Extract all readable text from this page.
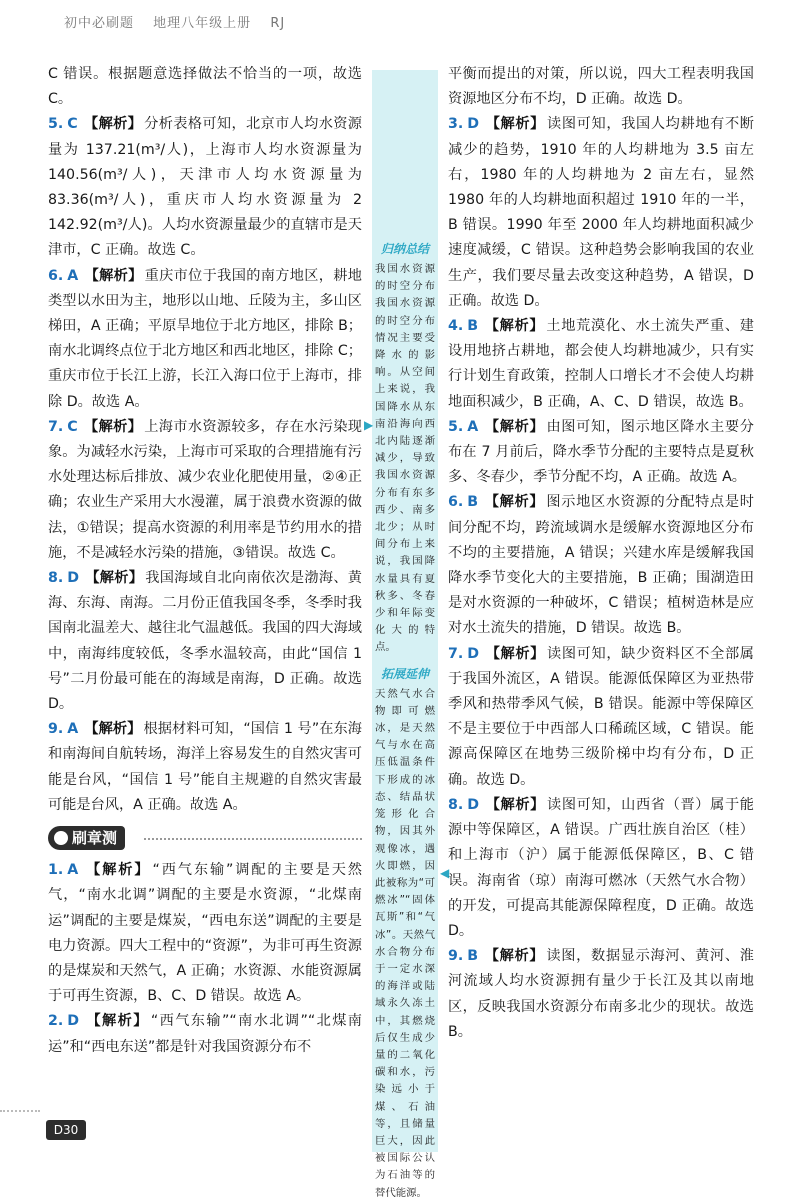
初中必刷题 地理八年级上册 RJ

C 错误。根据题意选择做法不恰当的一项，故选 C。

5. C 【解析】 分析表格可知，北京市人均水资源量为 137.21(m³/人)，上海市人均水资源量为 140.56(m³/人)，天津市人均水资源量为 83.36(m³/人)，重庆市人均水资源量为 2 142.92(m³/人)。人均水资源量最少的直辖市是天津市，C 正确。故选 C。

6. A 【解析】 重庆市位于我国的南方地区，耕地类型以水田为主，地形以山地、丘陵为主，多山区梯田，A 正确；平原旱地位于北方地区，排除 B；南水北调终点位于北方地区和西北地区，排除 C；重庆市位于长江上游，长江入海口位于上海市，排除 D。故选 A。

7. C 【解析】 上海市水资源较多，存在水污染现象。为减轻水污染，上海市可采取的合理措施有污水处理达标后排放、减少农业化肥使用量，②④正确；农业生产采用大水漫灌，属于浪费水资源的做法，①错误；提高水资源的利用率是节约用水的措施，不是减轻水污染的措施，③错误。故选 C。

8. D 【解析】 我国海域自北向南依次是渤海、黄海、东海、南海。二月份正值我国冬季，冬季时我国南北温差大、越往北气温越低。我国的四大海域中，南海纬度较低，冬季水温较高，由此“国信 1 号”二月份最可能在的海域是南海，D 正确。故选 D。

9. A 【解析】 根据材料可知，“国信 1 号”在东海和南海间自航转场，海洋上容易发生的自然灾害可能是台风，“国信 1 号”能自主规避的自然灾害最可能是台风，A 正确。故选 A。

刷章测

1. A 【解析】 “西气东输”调配的主要是天然气，“南水北调”调配的主要是水资源，“北煤南运”调配的主要是煤炭，“西电东送”调配的主要是电力资源。四大工程中的“资源”，为非可再生资源的是煤炭和天然气，A 正确；水资源、水能资源属于可再生资源，B、C、D 错误。故选 A。

2. D 【解析】 “西气东输”“南水北调”“北煤南运”和“西电东送”都是针对我国资源分布不

归纳总结
我国水资源的时空分布 我国水资源的时空分布情况主要受降水的影响。从空间上来说，我国降水从东南沿海向西北内陆逐渐减少，导致我国水资源分布有东多西少、南多北少；从时间分布上来说，我国降水量具有夏秋多、冬春少和年际变化大的特点。
拓展延伸
天然气水合物即可燃冰，是天然气与水在高压低温条件下形成的冰态、结晶状笼形化合物，因其外观像冰，遇火即燃，因此被称为“可燃冰”“固体瓦斯”和“气冰”。天然气水合物分布于一定水深的海洋或陆域永久冻土中，其燃烧后仅生成少量的二氧化碳和水，污染远小于煤、石油等，且储量巨大，因此被国际公认为石油等的替代能源。
▶
◀

平衡而提出的对策，所以说，四大工程表明我国资源地区分布不均，D 正确。故选 D。

3. D 【解析】 读图可知，我国人均耕地有不断减少的趋势，1910 年的人均耕地为 3.5 亩左右，1980 年的人均耕地为 2 亩左右，显然 1980 年的人均耕地面积超过 1910 年的一半，B 错误。1990 年至 2000 年人均耕地面积减少速度减缓，C 错误。这种趋势会影响我国的农业生产，我们要尽量去改变这种趋势，A 错误，D 正确。故选 D。

4. B 【解析】 土地荒漠化、水土流失严重、建设用地挤占耕地，都会使人均耕地减少，只有实行计划生育政策，控制人口增长才不会使人均耕地面积减少，B 正确，A、C、D 错误，故选 B。

5. A 【解析】 由图可知，图示地区降水主要分布在 7 月前后，降水季节分配的主要特点是夏秋多、冬春少，季节分配不均，A 正确。故选 A。

6. B 【解析】 图示地区水资源的分配特点是时间分配不均，跨流域调水是缓解水资源地区分布不均的主要措施，A 错误；兴建水库是缓解我国降水季节变化大的主要措施，B 正确；围湖造田是对水资源的一种破坏，C 错误；植树造林是应对水土流失的措施，D 错误。故选 B。

7. D 【解析】 读图可知，缺少资料区不全部属于我国外流区，A 错误。能源低保障区为亚热带季风和热带季风气候，B 错误。能源中等保障区不是主要位于中西部人口稀疏区域，C 错误。能源高保障区在地势三级阶梯中均有分布，D 正确。故选 D。

8. D 【解析】 读图可知，山西省（晋）属于能源中等保障区，A 错误。广西壮族自治区（桂）和上海市（沪）属于能源低保障区，B、C 错误。海南省（琼）南海可燃冰（天然气水合物）的开发，可提高其能源保障程度，D 正确。故选 D。

9. B 【解析】 读图，数据显示海河、黄河、淮河流域人均水资源拥有量少于长江及其以南地区，反映我国水资源分布南多北少的现状。故选 B。

D30
